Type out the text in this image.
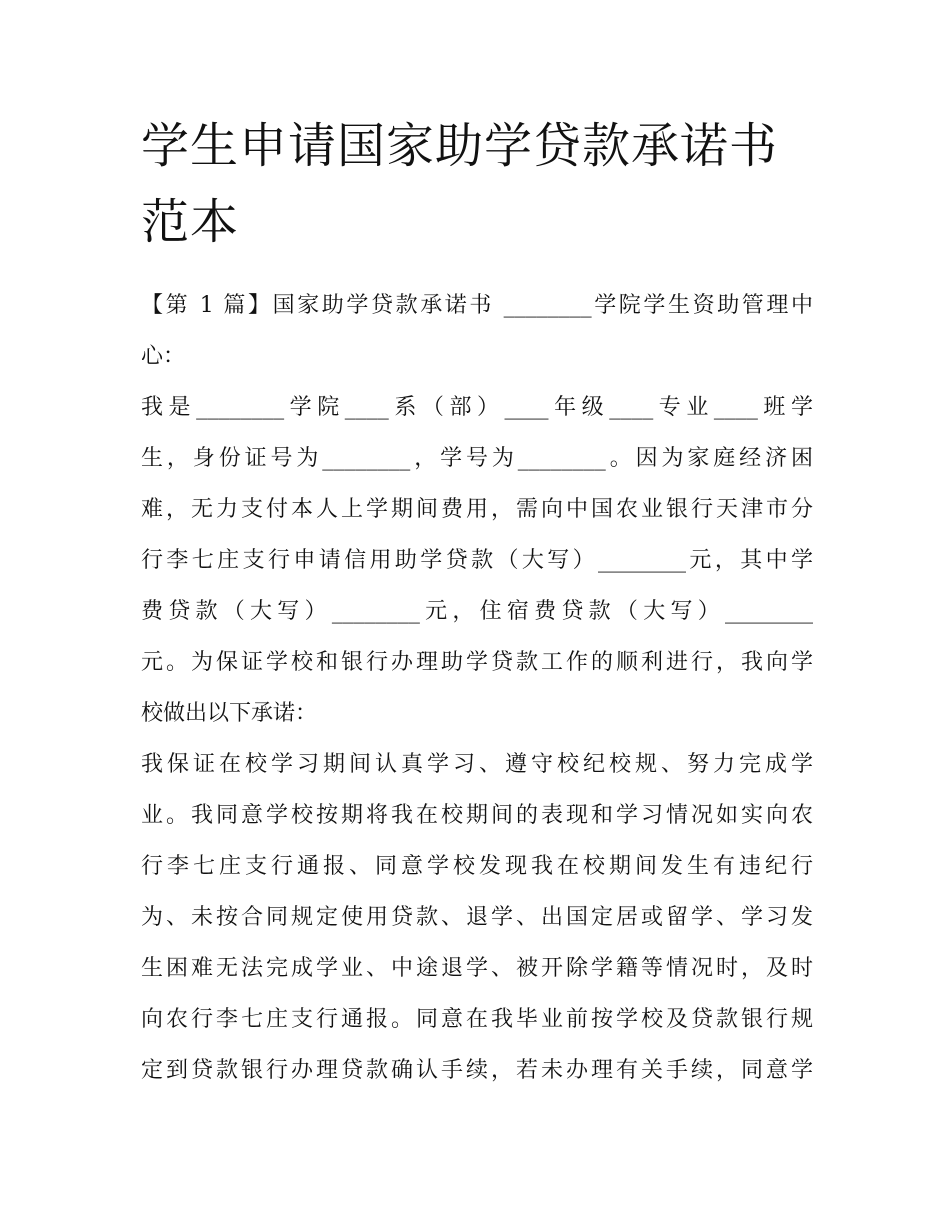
学生申请国家助学贷款承诺书
范本

【第 1 篇】国家助学贷款承诺书 ________学院学生资助管理中
心：

我是________学院____系（部）____年级____专业____班学
生，身份证号为________，学号为________。因为家庭经济困
难，无力支付本人上学期间费用，需向中国农业银行天津市分
行李七庄支行申请信用助学贷款（大写）________元，其中学
费贷款（大写）________元，住宿费贷款（大写）________
元。为保证学校和银行办理助学贷款工作的顺利进行，我向学
校做出以下承诺：

我保证在校学习期间认真学习、遵守校纪校规、努力完成学
业。我同意学校按期将我在校期间的表现和学习情况如实向农
行李七庄支行通报、同意学校发现我在校期间发生有违纪行
为、未按合同规定使用贷款、退学、出国定居或留学、学习发
生困难无法完成学业、中途退学、被开除学籍等情况时，及时
向农行李七庄支行通报。同意在我毕业前按学校及贷款银行规
定到贷款银行办理贷款确认手续，若未办理有关手续，同意学
